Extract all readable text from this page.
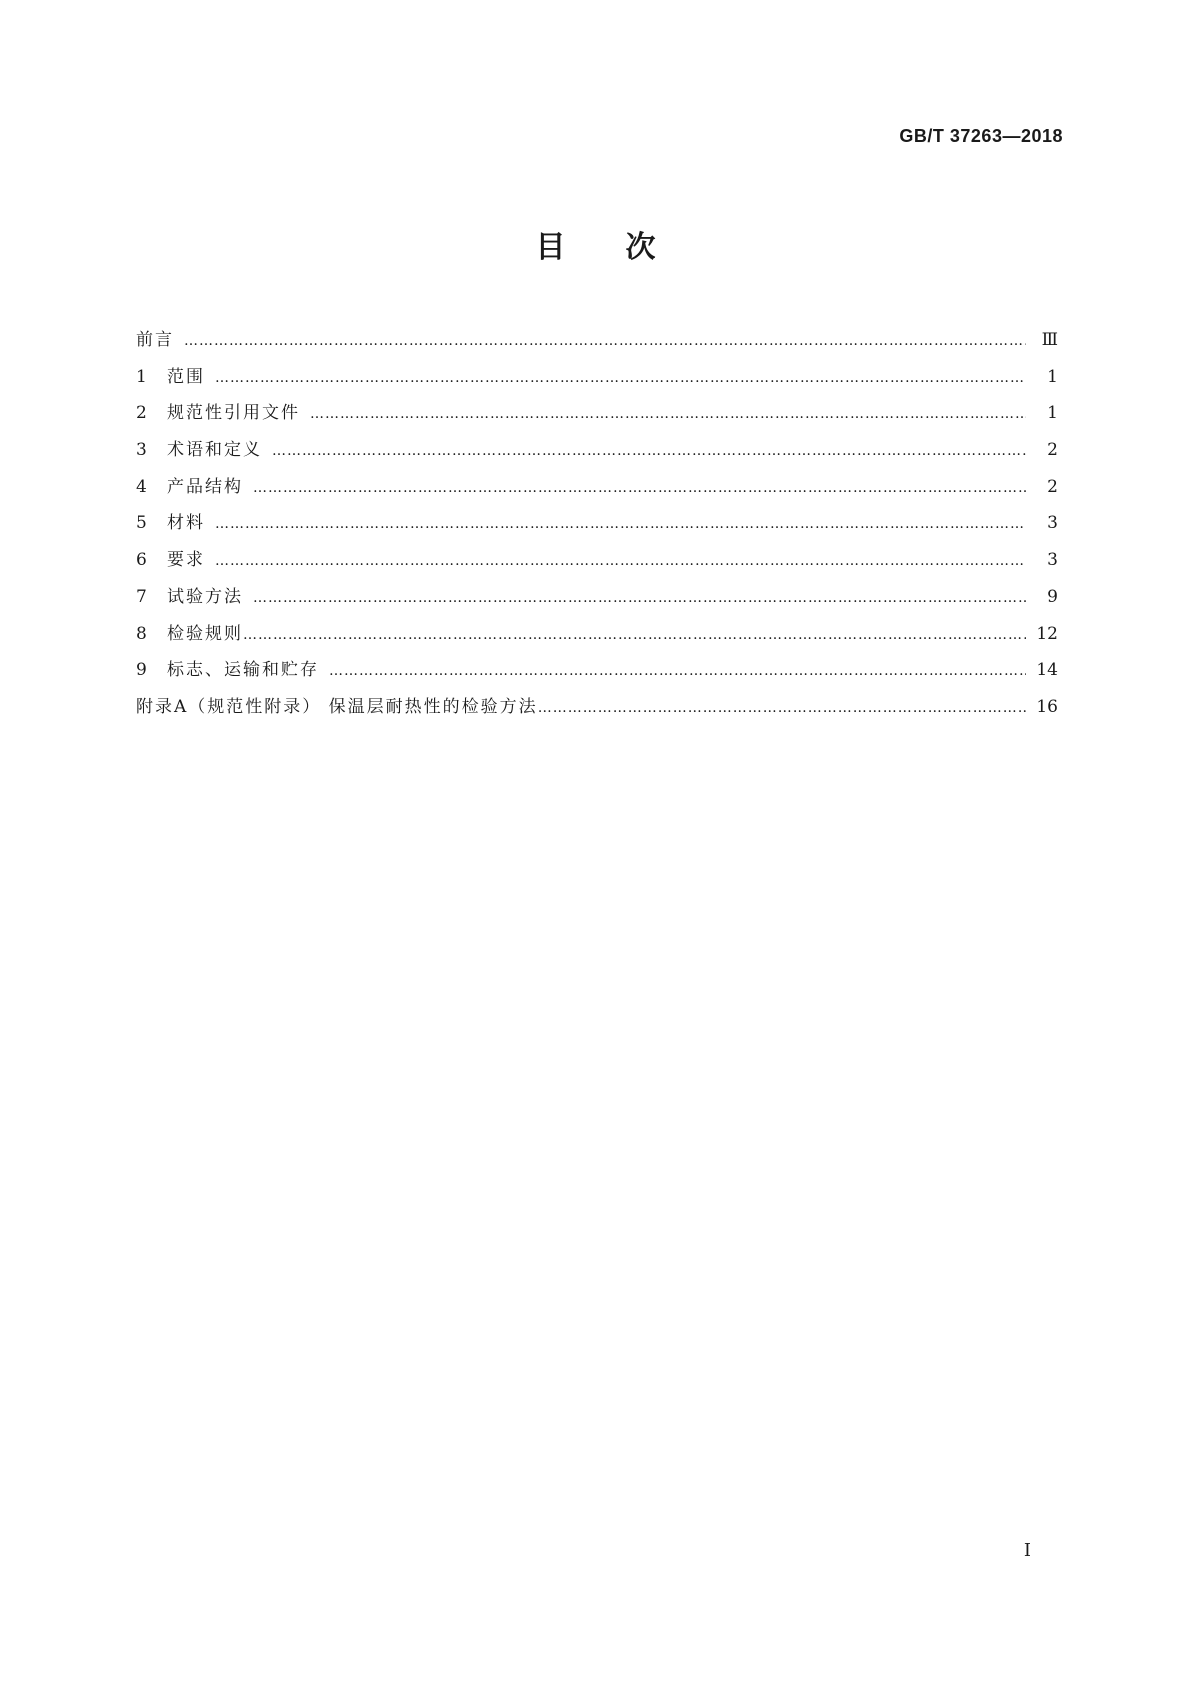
GB/T 37263—2018
目次
前言 …………………………………………………………………………………………………………………………………………………………………………………………………………	Ⅲ
1	范围 …………………………………………………………………………………………………………………………………………………………………………………………………………	1
2	规范性引用文件 …………………………………………………………………………………………………………………………………………………………………………………………………………	1
3	术语和定义 …………………………………………………………………………………………………………………………………………………………………………………………………………	2
4	产品结构 …………………………………………………………………………………………………………………………………………………………………………………………………………	2
5	材料 …………………………………………………………………………………………………………………………………………………………………………………………………………	3
6	要求 …………………………………………………………………………………………………………………………………………………………………………………………………………	3
7	试验方法 …………………………………………………………………………………………………………………………………………………………………………………………………………	9
8	检验规则 …………………………………………………………………………………………………………………………………………………………………………………………………………	12
9	标志、运输和贮存 …………………………………………………………………………………………………………………………………………………………………………………………………………	14
附录A（规范性附录） 保温层耐热性的检验方法 …………………………………………………………………………………………………………………………………………………………………………………………………………	16
I
